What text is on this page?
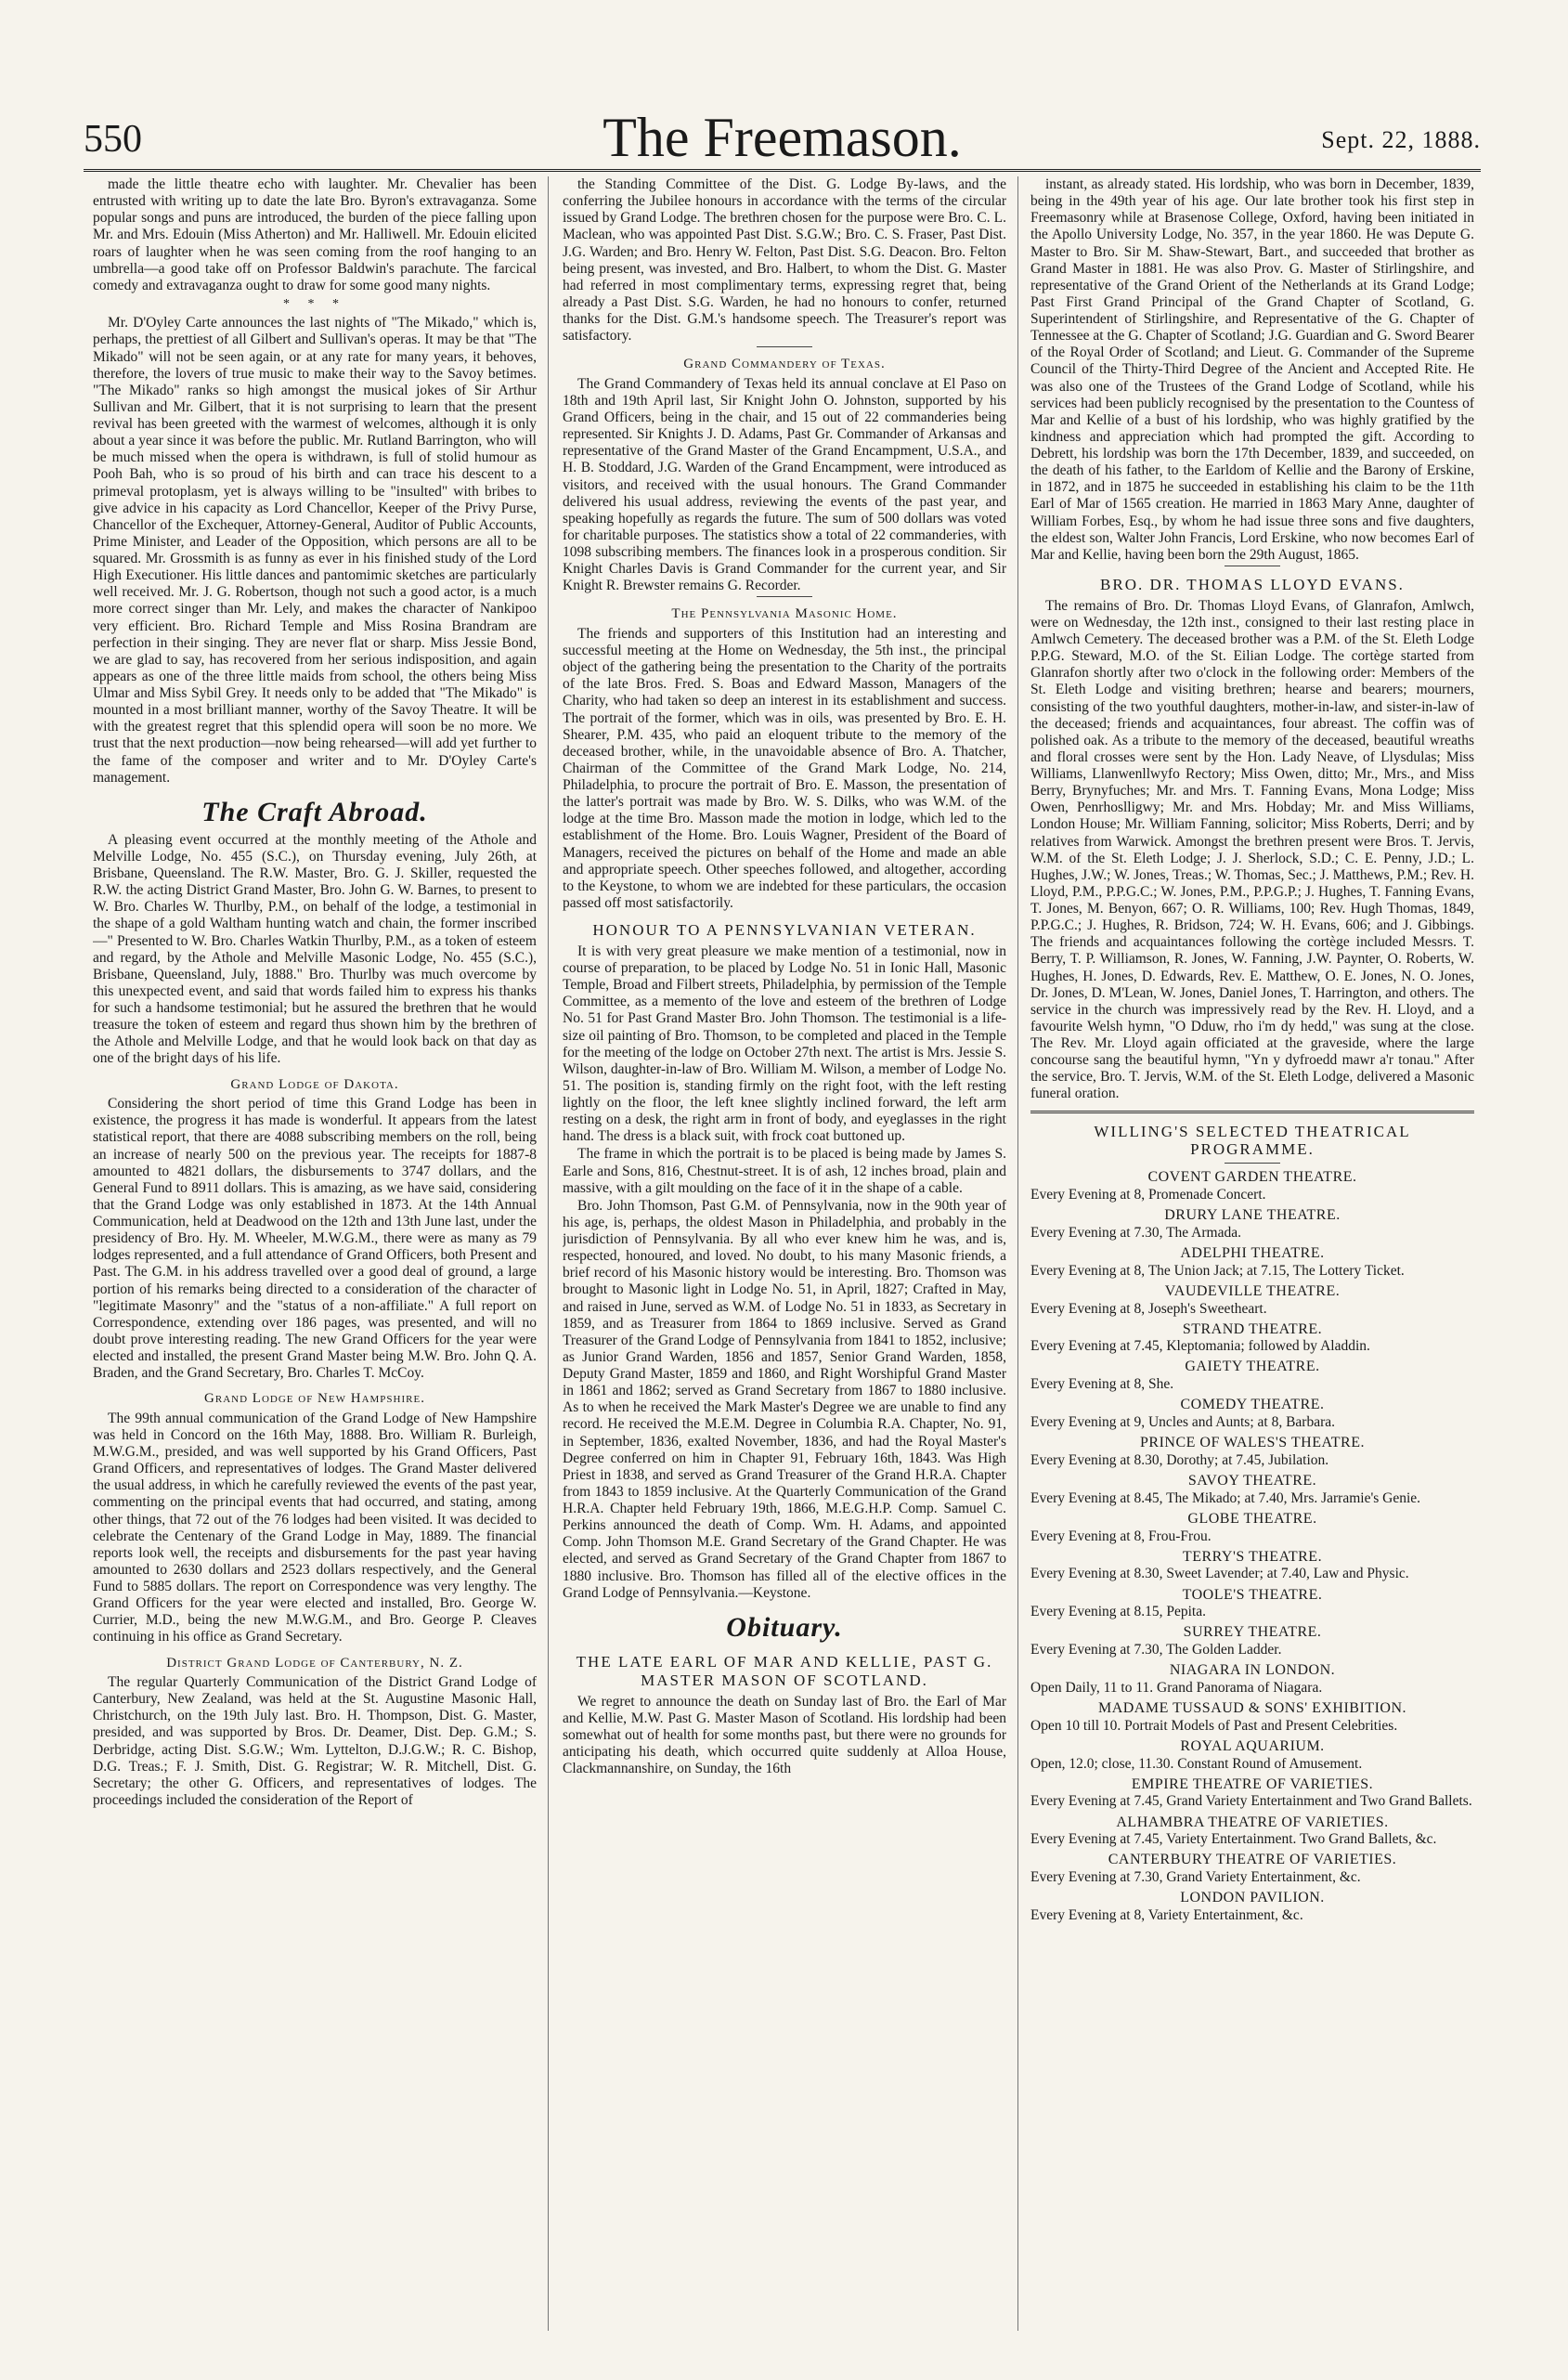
550	The Freemason.	Sept. 22, 1888.

made the little theatre echo with laughter. Mr. Chevalier has been entrusted with writing up to date the late Bro. Byron's extravaganza. Some popular songs and puns are introduced, the burden of the piece falling upon Mr. and Mrs. Edouin (Miss Atherton) and Mr. Halliwell. Mr. Edouin elicited roars of laughter when he was seen coming from the roof hanging to an umbrella—a good take off on Professor Baldwin's parachute. The farcical comedy and extravaganza ought to draw for some good many nights.

* * *

Mr. D'Oyley Carte announces the last nights of "The Mikado," which is, perhaps, the prettiest of all Gilbert and Sullivan's operas. It may be that "The Mikado" will not be seen again, or at any rate for many years, it behoves, therefore, the lovers of true music to make their way to the Savoy betimes. "The Mikado" ranks so high amongst the musical jokes of Sir Arthur Sullivan and Mr. Gilbert, that it is not surprising to learn that the present revival has been greeted with the warmest of welcomes, although it is only about a year since it was before the public. Mr. Rutland Barrington, who will be much missed when the opera is withdrawn, is full of stolid humour as Pooh Bah, who is so proud of his birth and can trace his descent to a primeval protoplasm, yet is always willing to be "insulted" with bribes to give advice in his capacity as Lord Chancellor, Keeper of the Privy Purse, Chancellor of the Exchequer, Attorney-General, Auditor of Public Accounts, Prime Minister, and Leader of the Opposition, which persons are all to be squared. Mr. Grossmith is as funny as ever in his finished study of the Lord High Executioner. His little dances and pantomimic sketches are particularly well received. Mr. J. G. Robertson, though not such a good actor, is a much more correct singer than Mr. Lely, and makes the character of Nankipoo very efficient. Bro. Richard Temple and Miss Rosina Brandram are perfection in their singing. They are never flat or sharp. Miss Jessie Bond, we are glad to say, has recovered from her serious indisposition, and again appears as one of the three little maids from school, the others being Miss Ulmar and Miss Sybil Grey. It needs only to be added that "The Mikado" is mounted in a most brilliant manner, worthy of the Savoy Theatre. It will be with the greatest regret that this splendid opera will soon be no more. We trust that the next production—now being rehearsed—will add yet further to the fame of the composer and writer and to Mr. D'Oyley Carte's management.

The Craft Abroad.

A pleasing event occurred at the monthly meeting of the Athole and Melville Lodge, No. 455 (S.C.), on Thursday evening, July 26th, at Brisbane, Queensland. The R.W. Master, Bro. G. J. Skiller, requested the R.W. the acting District Grand Master, Bro. John G. W. Barnes, to present to W. Bro. Charles W. Thurlby, P.M., on behalf of the lodge, a testimonial in the shape of a gold Waltham hunting watch and chain, the former inscribed—" Presented to W. Bro. Charles Watkin Thurlby, P.M., as a token of esteem and regard, by the Athole and Melville Masonic Lodge, No. 455 (S.C.), Brisbane, Queensland, July, 1888." Bro. Thurlby was much overcome by this unexpected event, and said that words failed him to express his thanks for such a handsome testimonial; but he assured the brethren that he would treasure the token of esteem and regard thus shown him by the brethren of the Athole and Melville Lodge, and that he would look back on that day as one of the bright days of his life.

Grand Lodge of Dakota.

Considering the short period of time this Grand Lodge has been in existence, the progress it has made is wonderful. It appears from the latest statistical report, that there are 4088 subscribing members on the roll, being an increase of nearly 500 on the previous year. The receipts for 1887-8 amounted to 4821 dollars, the disbursements to 3747 dollars, and the General Fund to 8911 dollars. This is amazing, as we have said, considering that the Grand Lodge was only established in 1873. At the 14th Annual Communication, held at Deadwood on the 12th and 13th June last, under the presidency of Bro. Hy. M. Wheeler, M.W.G.M., there were as many as 79 lodges represented, and a full attendance of Grand Officers, both Present and Past. The G.M. in his address travelled over a good deal of ground, a large portion of his remarks being directed to a consideration of the character of "legitimate Masonry" and the "status of a non-affiliate." A full report on Correspondence, extending over 186 pages, was presented, and will no doubt prove interesting reading. The new Grand Officers for the year were elected and installed, the present Grand Master being M.W. Bro. John Q. A. Braden, and the Grand Secretary, Bro. Charles T. McCoy.

Grand Lodge of New Hampshire.

The 99th annual communication of the Grand Lodge of New Hampshire was held in Concord on the 16th May, 1888. Bro. William R. Burleigh, M.W.G.M., presided, and was well supported by his Grand Officers, Past Grand Officers, and representatives of lodges. The Grand Master delivered the usual address, in which he carefully reviewed the events of the past year, commenting on the principal events that had occurred, and stating, among other things, that 72 out of the 76 lodges had been visited. It was decided to celebrate the Centenary of the Grand Lodge in May, 1889. The financial reports look well, the receipts and disbursements for the past year having amounted to 2630 dollars and 2523 dollars respectively, and the General Fund to 5885 dollars. The report on Correspondence was very lengthy. The Grand Officers for the year were elected and installed, Bro. George W. Currier, M.D., being the new M.W.G.M., and Bro. George P. Cleaves continuing in his office as Grand Secretary.

District Grand Lodge of Canterbury, N. Z.

The regular Quarterly Communication of the District Grand Lodge of Canterbury, New Zealand, was held at the St. Augustine Masonic Hall, Christchurch, on the 19th July last. Bro. H. Thompson, Dist. G. Master, presided, and was supported by Bros. Dr. Deamer, Dist. Dep. G.M.; S. Derbridge, acting Dist. S.G.W.; Wm. Lyttelton, D.J.G.W.; R. C. Bishop, D.G. Treas.; F. J. Smith, Dist. G. Registrar; W. R. Mitchell, Dist. G. Secretary; the other G. Officers, and representatives of lodges. The proceedings included the consideration of the Report of

the Standing Committee of the Dist. G. Lodge By-laws, and the conferring the Jubilee honours in accordance with the terms of the circular issued by Grand Lodge. The brethren chosen for the purpose were Bro. C. L. Maclean, who was appointed Past Dist. S.G.W.; Bro. C. S. Fraser, Past Dist. J.G. Warden; and Bro. Henry W. Felton, Past Dist. S.G. Deacon. Bro. Felton being present, was invested, and Bro. Halbert, to whom the Dist. G. Master had referred in most complimentary terms, expressing regret that, being already a Past Dist. S.G. Warden, he had no honours to confer, returned thanks for the Dist. G.M.'s handsome speech. The Treasurer's report was satisfactory.

Grand Commandery of Texas.

The Grand Commandery of Texas held its annual conclave at El Paso on 18th and 19th April last, Sir Knight John O. Johnston, supported by his Grand Officers, being in the chair, and 15 out of 22 commanderies being represented. Sir Knights J. D. Adams, Past Gr. Commander of Arkansas and representative of the Grand Master of the Grand Encampment, U.S.A., and H. B. Stoddard, J.G. Warden of the Grand Encampment, were introduced as visitors, and received with the usual honours. The Grand Commander delivered his usual address, reviewing the events of the past year, and speaking hopefully as regards the future. The sum of 500 dollars was voted for charitable purposes. The statistics show a total of 22 commanderies, with 1098 subscribing members. The finances look in a prosperous condition. Sir Knight Charles Davis is Grand Commander for the current year, and Sir Knight R. Brewster remains G. Recorder.

The Pennsylvania Masonic Home.

The friends and supporters of this Institution had an interesting and successful meeting at the Home on Wednesday, the 5th inst., the principal object of the gathering being the presentation to the Charity of the portraits of the late Bros. Fred. S. Boas and Edward Masson, Managers of the Charity, who had taken so deep an interest in its establishment and success. The portrait of the former, which was in oils, was presented by Bro. E. H. Shearer, P.M. 435, who paid an eloquent tribute to the memory of the deceased brother, while, in the unavoidable absence of Bro. A. Thatcher, Chairman of the Committee of the Grand Mark Lodge, No. 214, Philadelphia, to procure the portrait of Bro. E. Masson, the presentation of the latter's portrait was made by Bro. W. S. Dilks, who was W.M. of the lodge at the time Bro. Masson made the motion in lodge, which led to the establishment of the Home. Bro. Louis Wagner, President of the Board of Managers, received the pictures on behalf of the Home and made an able and appropriate speech. Other speeches followed, and altogether, according to the Keystone, to whom we are indebted for these particulars, the occasion passed off most satisfactorily.

HONOUR TO A PENNSYLVANIAN VETERAN.

It is with very great pleasure we make mention of a testimonial, now in course of preparation, to be placed by Lodge No. 51 in Ionic Hall, Masonic Temple, Broad and Filbert streets, Philadelphia, by permission of the Temple Committee, as a memento of the love and esteem of the brethren of Lodge No. 51 for Past Grand Master Bro. John Thomson. The testimonial is a life-size oil painting of Bro. Thomson, to be completed and placed in the Temple for the meeting of the lodge on October 27th next. The artist is Mrs. Jessie S. Wilson, daughter-in-law of Bro. William M. Wilson, a member of Lodge No. 51. The position is, standing firmly on the right foot, with the left resting lightly on the floor, the left knee slightly inclined forward, the left arm resting on a desk, the right arm in front of body, and eyeglasses in the right hand. The dress is a black suit, with frock coat buttoned up.

The frame in which the portrait is to be placed is being made by James S. Earle and Sons, 816, Chestnut-street. It is of ash, 12 inches broad, plain and massive, with a gilt moulding on the face of it in the shape of a cable.

Bro. John Thomson, Past G.M. of Pennsylvania, now in the 90th year of his age, is, perhaps, the oldest Mason in Philadelphia, and probably in the jurisdiction of Pennsylvania. By all who ever knew him he was, and is, respected, honoured, and loved. No doubt, to his many Masonic friends, a brief record of his Masonic history would be interesting. Bro. Thomson was brought to Masonic light in Lodge No. 51, in April, 1827; Crafted in May, and raised in June, served as W.M. of Lodge No. 51 in 1833, as Secretary in 1859, and as Treasurer from 1864 to 1869 inclusive. Served as Grand Treasurer of the Grand Lodge of Pennsylvania from 1841 to 1852, inclusive; as Junior Grand Warden, 1856 and 1857, Senior Grand Warden, 1858, Deputy Grand Master, 1859 and 1860, and Right Worshipful Grand Master in 1861 and 1862; served as Grand Secretary from 1867 to 1880 inclusive. As to when he received the Mark Master's Degree we are unable to find any record. He received the M.E.M. Degree in Columbia R.A. Chapter, No. 91, in September, 1836, exalted November, 1836, and had the Royal Master's Degree conferred on him in Chapter 91, February 16th, 1843. Was High Priest in 1838, and served as Grand Treasurer of the Grand H.R.A. Chapter from 1843 to 1859 inclusive. At the Quarterly Communication of the Grand H.R.A. Chapter held February 19th, 1866, M.E.G.H.P. Comp. Samuel C. Perkins announced the death of Comp. Wm. H. Adams, and appointed Comp. John Thomson M.E. Grand Secretary of the Grand Chapter. He was elected, and served as Grand Secretary of the Grand Chapter from 1867 to 1880 inclusive. Bro. Thomson has filled all of the elective offices in the Grand Lodge of Pennsylvania.—Keystone.

Obituary.
THE LATE EARL OF MAR AND KELLIE, PAST G. MASTER MASON OF SCOTLAND.

We regret to announce the death on Sunday last of Bro. the Earl of Mar and Kellie, M.W. Past G. Master Mason of Scotland. His lordship had been somewhat out of health for some months past, but there were no grounds for anticipating his death, which occurred quite suddenly at Alloa House, Clackmannanshire, on Sunday, the 16th

instant, as already stated. His lordship, who was born in December, 1839, being in the 49th year of his age. Our late brother took his first step in Freemasonry while at Brasenose College, Oxford, having been initiated in the Apollo University Lodge, No. 357, in the year 1860. He was Depute G. Master to Bro. Sir M. Shaw-Stewart, Bart., and succeeded that brother as Grand Master in 1881. He was also Prov. G. Master of Stirlingshire, and representative of the Grand Orient of the Netherlands at its Grand Lodge; Past First Grand Principal of the Grand Chapter of Scotland, G. Superintendent of Stirlingshire, and Representative of the G. Chapter of Tennessee at the G. Chapter of Scotland; J.G. Guardian and G. Sword Bearer of the Royal Order of Scotland; and Lieut. G. Commander of the Supreme Council of the Thirty-Third Degree of the Ancient and Accepted Rite. He was also one of the Trustees of the Grand Lodge of Scotland, while his services had been publicly recognised by the presentation to the Countess of Mar and Kellie of a bust of his lordship, who was highly gratified by the kindness and appreciation which had prompted the gift. According to Debrett, his lordship was born the 17th December, 1839, and succeeded, on the death of his father, to the Earldom of Kellie and the Barony of Erskine, in 1872, and in 1875 he succeeded in establishing his claim to be the 11th Earl of Mar of 1565 creation. He married in 1863 Mary Anne, daughter of William Forbes, Esq., by whom he had issue three sons and five daughters, the eldest son, Walter John Francis, Lord Erskine, who now becomes Earl of Mar and Kellie, having been born the 29th August, 1865.

BRO. DR. THOMAS LLOYD EVANS.

The remains of Bro. Dr. Thomas Lloyd Evans, of Glanrafon, Amlwch, were on Wednesday, the 12th inst., consigned to their last resting place in Amlwch Cemetery. The deceased brother was a P.M. of the St. Eleth Lodge P.P.G. Steward, M.O. of the St. Eilian Lodge. The cortège started from Glanrafon shortly after two o'clock in the following order: Members of the St. Eleth Lodge and visiting brethren; hearse and bearers; mourners, consisting of the two youthful daughters, mother-in-law, and sister-in-law of the deceased; friends and acquaintances, four abreast. The coffin was of polished oak. As a tribute to the memory of the deceased, beautiful wreaths and floral crosses were sent by the Hon. Lady Neave, of Llysdulas; Miss Williams, Llanwenllwyfo Rectory; Miss Owen, ditto; Mr., Mrs., and Miss Berry, Brynyfuches; Mr. and Mrs. T. Fanning Evans, Mona Lodge; Miss Owen, Penrhoslligwy; Mr. and Mrs. Hobday; Mr. and Miss Williams, London House; Mr. William Fanning, solicitor; Miss Roberts, Derri; and by relatives from Warwick. Amongst the brethren present were Bros. T. Jervis, W.M. of the St. Eleth Lodge; J. J. Sherlock, S.D.; C. E. Penny, J.D.; L. Hughes, J.W.; W. Jones, Treas.; W. Thomas, Sec.; J. Matthews, P.M.; Rev. H. Lloyd, P.M., P.P.G.C.; W. Jones, P.M., P.P.G.P.; J. Hughes, T. Fanning Evans, T. Jones, M. Benyon, 667; O. R. Williams, 100; Rev. Hugh Thomas, 1849, P.P.G.C.; J. Hughes, R. Bridson, 724; W. H. Evans, 606; and J. Gibbings. The friends and acquaintances following the cortège included Messrs. T. Berry, T. P. Williamson, R. Jones, W. Fanning, J.W. Paynter, O. Roberts, W. Hughes, H. Jones, D. Edwards, Rev. E. Matthew, O. E. Jones, N. O. Jones, Dr. Jones, D. M'Lean, W. Jones, Daniel Jones, T. Harrington, and others. The service in the church was impressively read by the Rev. H. Lloyd, and a favourite Welsh hymn, "O Dduw, rho i'm dy hedd," was sung at the close. The Rev. Mr. Lloyd again officiated at the graveside, where the large concourse sang the beautiful hymn, "Yn y dyfroedd mawr a'r tonau." After the service, Bro. T. Jervis, W.M. of the St. Eleth Lodge, delivered a Masonic funeral oration.

WILLING'S SELECTED THEATRICAL PROGRAMME.
COVENT GARDEN THEATRE.
Every Evening at 8, Promenade Concert.
DRURY LANE THEATRE.
Every Evening at 7.30, The Armada.
ADELPHI THEATRE.
Every Evening at 8, The Union Jack; at 7.15, The Lottery Ticket.
VAUDEVILLE THEATRE.
Every Evening at 8, Joseph's Sweetheart.
STRAND THEATRE.
Every Evening at 7.45, Kleptomania; followed by Aladdin.
GAIETY THEATRE.
Every Evening at 8, She.
COMEDY THEATRE.
Every Evening at 9, Uncles and Aunts; at 8, Barbara.
PRINCE OF WALES'S THEATRE.
Every Evening at 8.30, Dorothy; at 7.45, Jubilation.
SAVOY THEATRE.
Every Evening at 8.45, The Mikado; at 7.40, Mrs. Jarramie's Genie.
GLOBE THEATRE.
Every Evening at 8, Frou-Frou.
TERRY'S THEATRE.
Every Evening at 8.30, Sweet Lavender; at 7.40, Law and Physic.
TOOLE'S THEATRE.
Every Evening at 8.15, Pepita.
SURREY THEATRE.
Every Evening at 7.30, The Golden Ladder.
NIAGARA IN LONDON.
Open Daily, 11 to 11. Grand Panorama of Niagara.
MADAME TUSSAUD & SONS' EXHIBITION.
Open 10 till 10. Portrait Models of Past and Present Celebrities.
ROYAL AQUARIUM.
Open, 12.0; close, 11.30. Constant Round of Amusement.
EMPIRE THEATRE OF VARIETIES.
Every Evening at 7.45, Grand Variety Entertainment and Two Grand Ballets.
ALHAMBRA THEATRE OF VARIETIES.
Every Evening at 7.45, Variety Entertainment. Two Grand Ballets, &c.
CANTERBURY THEATRE OF VARIETIES.
Every Evening at 7.30, Grand Variety Entertainment, &c.
LONDON PAVILION.
Every Evening at 8, Variety Entertainment, &c.
